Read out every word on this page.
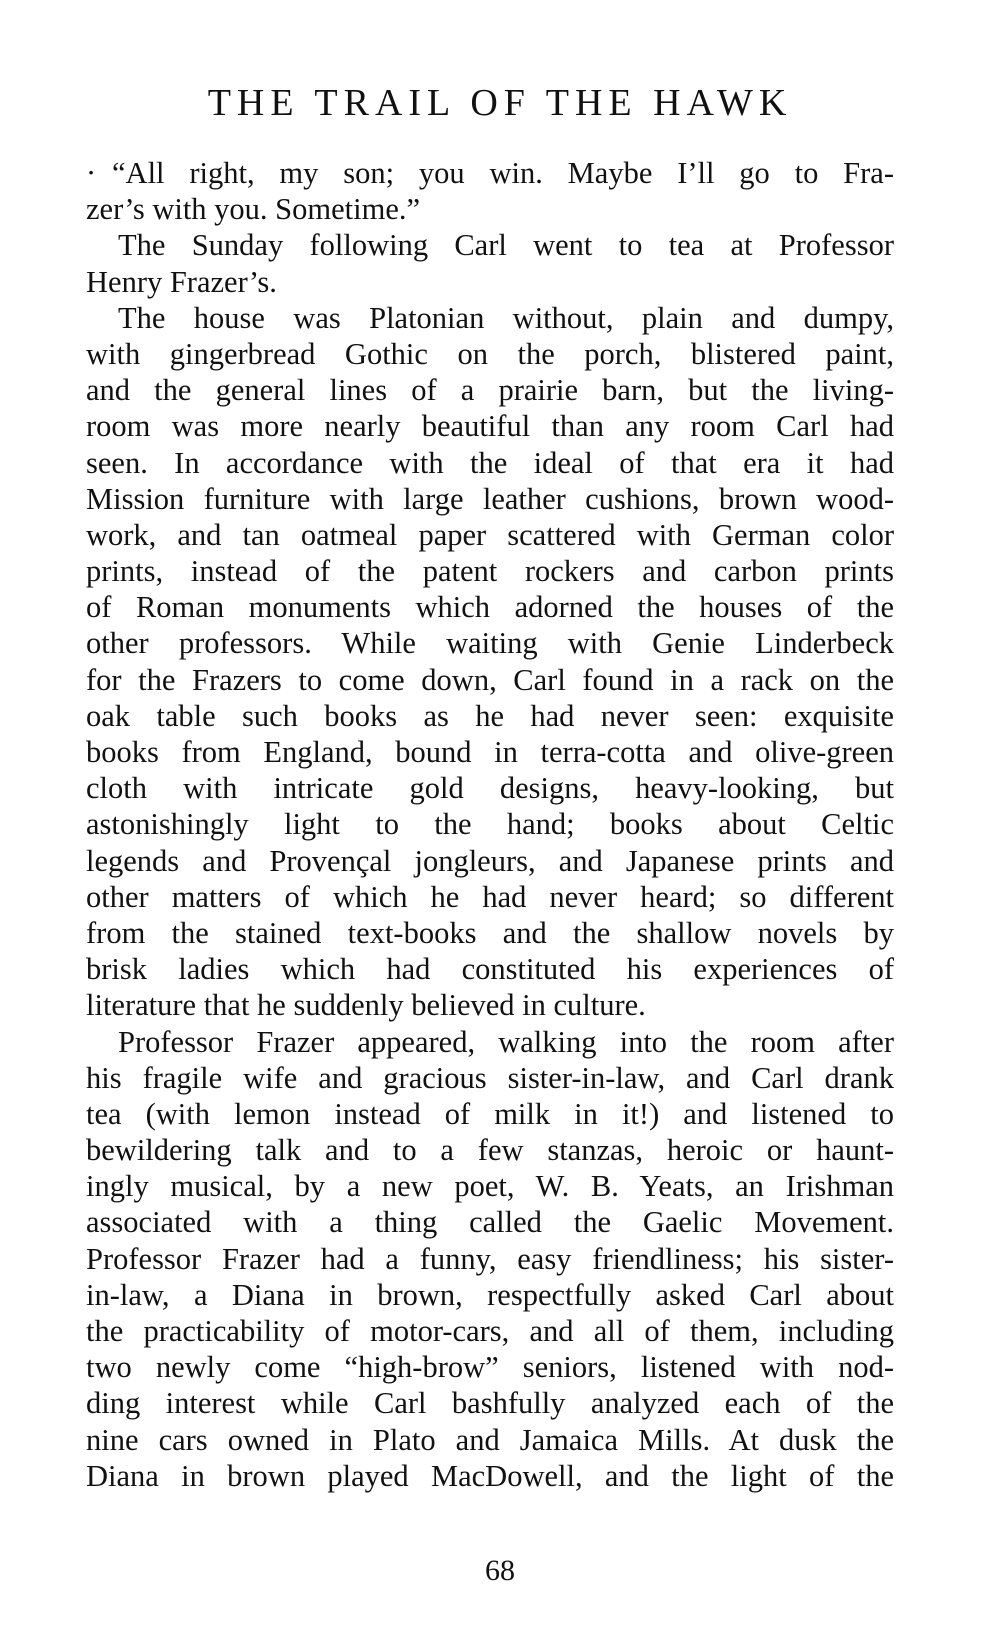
THE TRAIL OF THE HAWK
· “All right, my son; you win. Maybe I’ll go to Fra-
zer’s with you. Sometime.”
The Sunday following Carl went to tea at Professor
Henry Frazer’s.
The house was Platonian without, plain and dumpy,
with gingerbread Gothic on the porch, blistered paint,
and the general lines of a prairie barn, but the living-
room was more nearly beautiful than any room Carl had
seen. In accordance with the ideal of that era it had
Mission furniture with large leather cushions, brown wood-
work, and tan oatmeal paper scattered with German color
prints, instead of the patent rockers and carbon prints
of Roman monuments which adorned the houses of the
other professors. While waiting with Genie Linderbeck
for the Frazers to come down, Carl found in a rack on the
oak table such books as he had never seen: exquisite
books from England, bound in terra-cotta and olive-green
cloth with intricate gold designs, heavy-looking, but
astonishingly light to the hand; books about Celtic
legends and Provençal jongleurs, and Japanese prints and
other matters of which he had never heard; so different
from the stained text-books and the shallow novels by
brisk ladies which had constituted his experiences of
literature that he suddenly believed in culture.
Professor Frazer appeared, walking into the room after
his fragile wife and gracious sister-in-law, and Carl drank
tea (with lemon instead of milk in it!) and listened to
bewildering talk and to a few stanzas, heroic or haunt-
ingly musical, by a new poet, W. B. Yeats, an Irishman
associated with a thing called the Gaelic Movement.
Professor Frazer had a funny, easy friendliness; his sister-
in-law, a Diana in brown, respectfully asked Carl about
the practicability of motor-cars, and all of them, including
two newly come “high-brow” seniors, listened with nod-
ding interest while Carl bashfully analyzed each of the
nine cars owned in Plato and Jamaica Mills. At dusk the
Diana in brown played MacDowell, and the light of the
68
